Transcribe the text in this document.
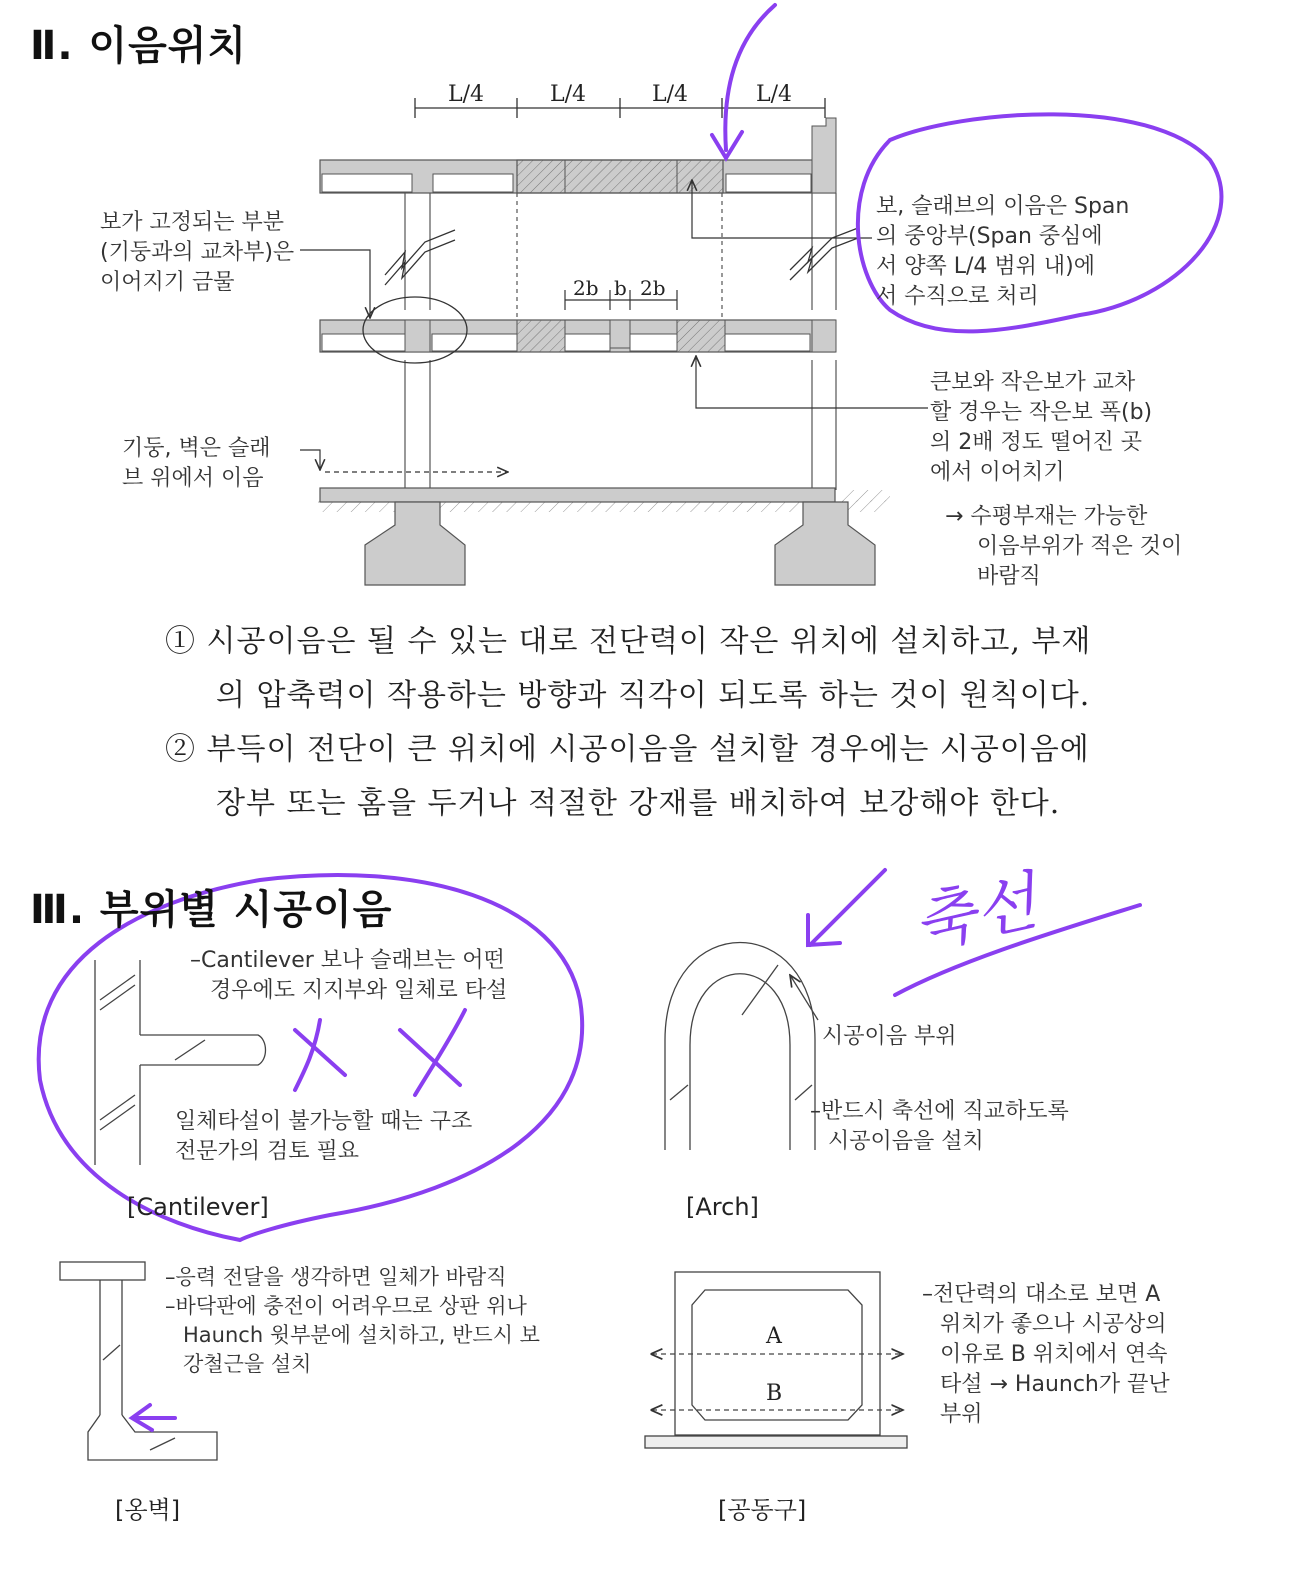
Ⅱ. 이음위치
L/4	L/4	L/4	L/4
2b b 2b
보가 고정되는 부분
(기둥과의 교차부)은
이어지기 금물
보, 슬래브의 이음은 Span
의 중앙부(Span 중심에
서 양쪽 L/4 범위 내)에
서 수직으로 처리
큰보와 작은보가 교차
할 경우는 작은보 폭(b)
의 2배 정도 떨어진 곳
에서 이어치기
기둥, 벽은 슬래
브 위에서 이음
→ 수평부재는 가능한
이음부위가 적은 것이
바람직
① 시공이음은 될 수 있는 대로 전단력이 작은 위치에 설치하고, 부재
의 압축력이 작용하는 방향과 직각이 되도록 하는 것이 원칙이다.
② 부득이 전단이 큰 위치에 시공이음을 설치할 경우에는 시공이음에
장부 또는 홈을 두거나 적절한 강재를 배치하여 보강해야 한다.
Ⅲ. 부위별 시공이음	축선
–Cantilever 보나 슬래브는 어떤
경우에도 지지부와 일체로 타설
일체타설이 불가능할 때는 구조
전문가의 검토 필요
[Cantilever]
시공이음 부위
–반드시 축선에 직교하도록
시공이음을 설치
[Arch]
–응력 전달을 생각하면 일체가 바람직
–바닥판에 충전이 어려우므로 상판 위나
Haunch 윗부분에 설치하고, 반드시 보
강철근을 설치
[옹벽]
A
B
–전단력의 대소로 보면 A
위치가 좋으나 시공상의
이유로 B 위치에서 연속
타설 → Haunch가 끝난
부위
[공동구]
